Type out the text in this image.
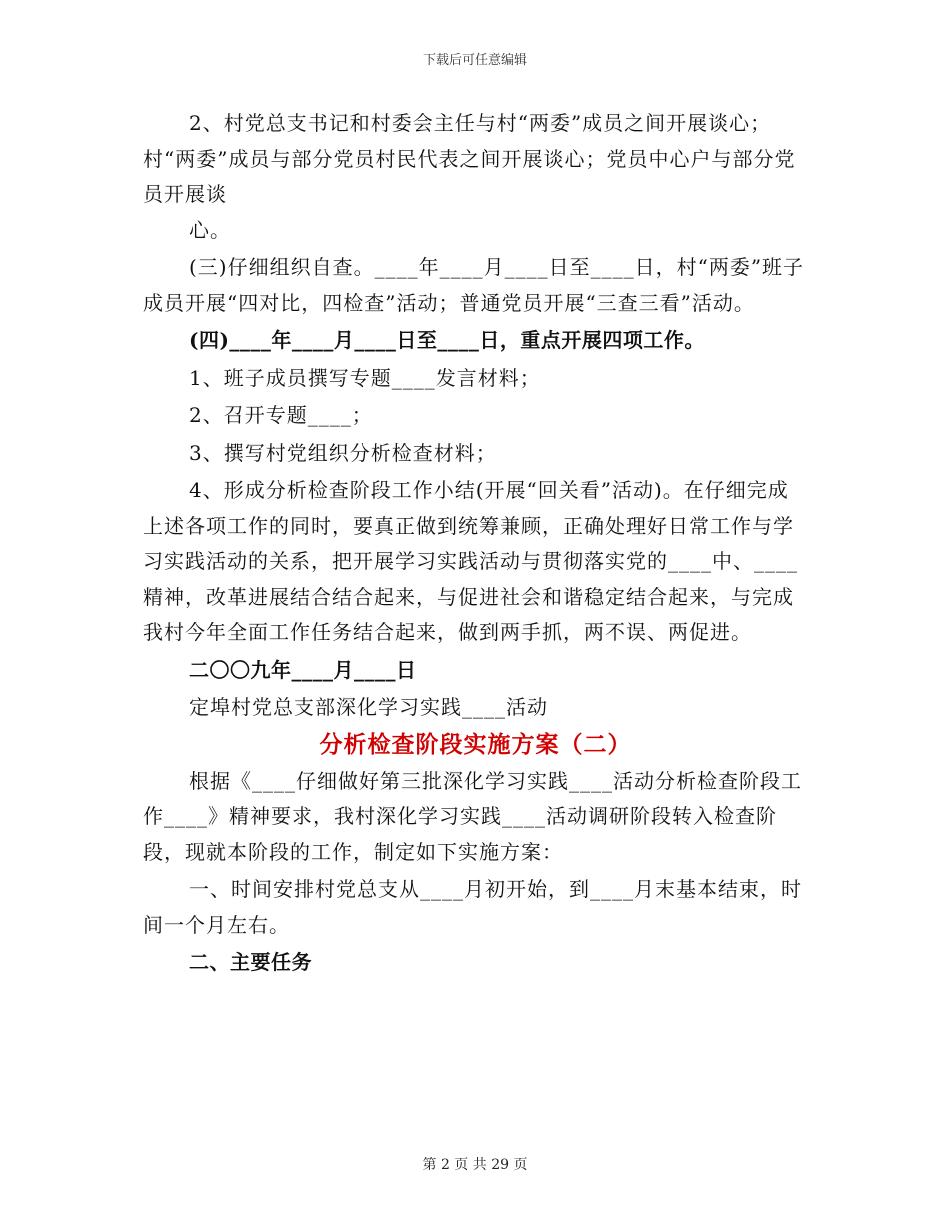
下载后可任意编辑

2、村党总支书记和村委会主任与村“两委”成员之间开展谈心；村“两委”成员与部分党员村民代表之间开展谈心；党员中心户与部分党员开展谈

心。

(三)仔细组织自查。____年____月____日至____日，村“两委”班子成员开展“四对比，四检查”活动；普通党员开展“三查三看”活动。

(四)____年____月____日至____日，重点开展四项工作。

1、班子成员撰写专题____发言材料；

2、召开专题____；

3、撰写村党组织分析检查材料；

4、形成分析检查阶段工作小结(开展“回关看”活动)。在仔细完成上述各项工作的同时，要真正做到统筹兼顾，正确处理好日常工作与学习实践活动的关系，把开展学习实践活动与贯彻落实党的____中、____精神，改革进展结合结合起来，与促进社会和谐稳定结合起来，与完成我村今年全面工作任务结合起来，做到两手抓，两不误、两促进。

二〇〇九年____月____日

定埠村党总支部深化学习实践____活动

分析检查阶段实施方案（二）

根据《____仔细做好第三批深化学习实践____活动分析检查阶段工作____》精神要求，我村深化学习实践____活动调研阶段转入检查阶段，现就本阶段的工作，制定如下实施方案：

一、时间安排村党总支从____月初开始，到____月末基本结束，时间一个月左右。

二、主要任务

第 2 页 共 29 页
